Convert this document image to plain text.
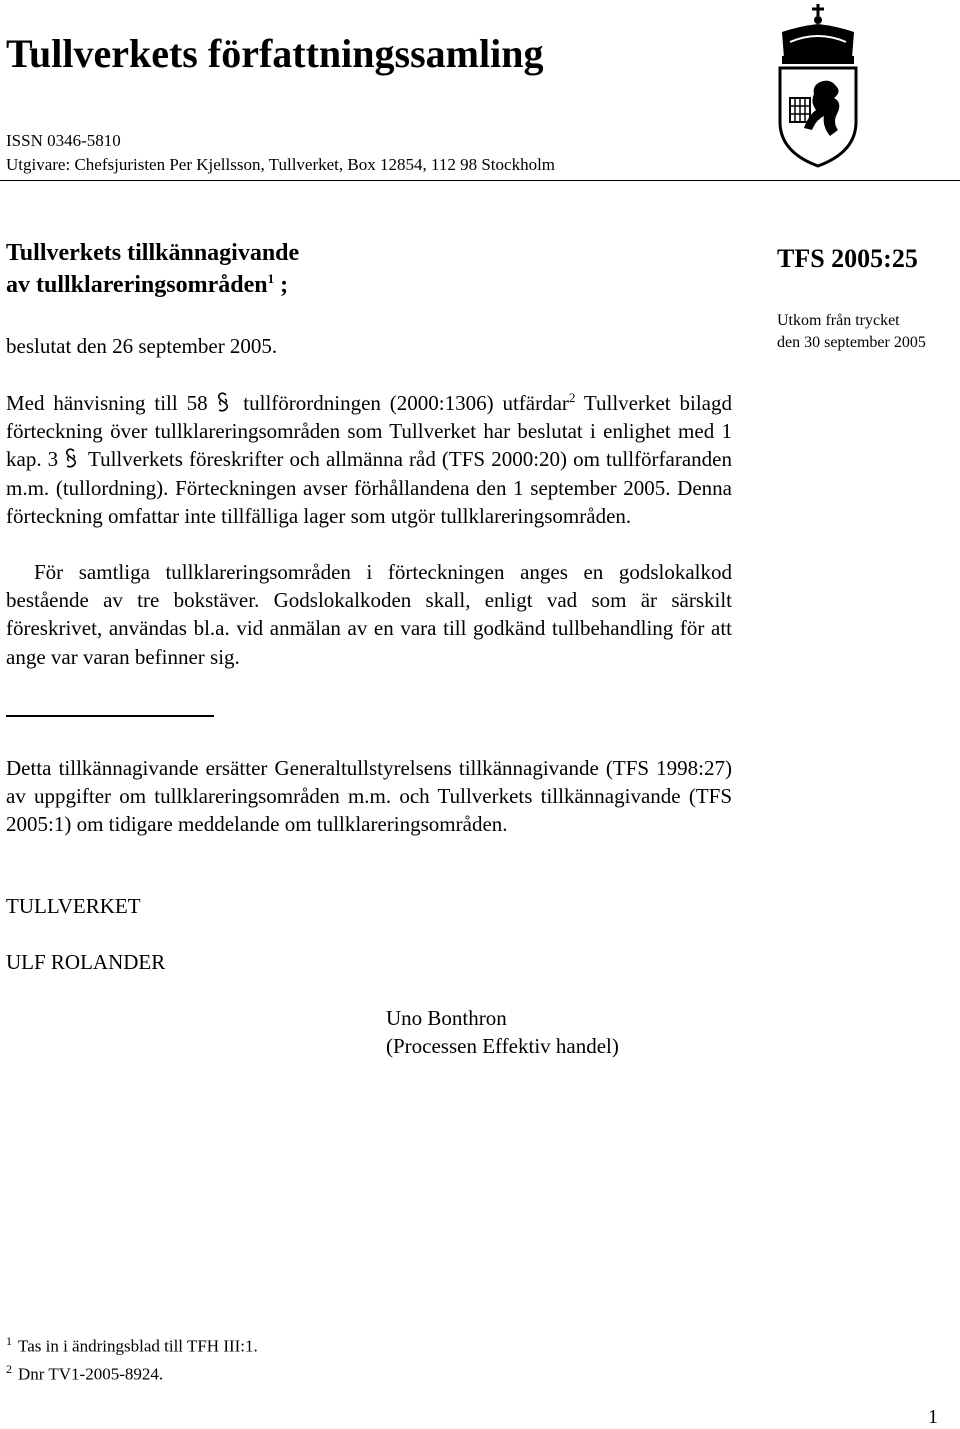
Tullverkets författningssamling
ISSN 0346-5810
Utgivare: Chefsjuristen Per Kjellsson, Tullverket, Box 12854, 112 98 Stockholm
Tullverkets tillkännagivande
av tullklareringsområden$^1$ ;
beslutat den 26 september 2005.
TFS 2005:25
Utkom från trycket
den 30 september 2005
Med hänvisning till 58  tullförordningen (2000:1306) utfärdar$^2$ Tullverket bilagd förteckning över tullklareringsområden som Tullverket har beslutat i enlighet med 1 kap. 3  Tullverkets föreskrifter och allmänna råd (TFS 2000:20) om tullförfaranden m.m. (tullordning). Förteckningen avser förhållandena den 1 september 2005. Denna förteckning omfattar inte tillfälliga lager som utgör tullklareringsområden.
För samtliga tullklareringsområden i förteckningen anges en godslokalkod bestående av tre bokstäver. Godslokalkoden skall, enligt vad som är särskilt föreskrivet, användas bl.a. vid anmälan av en vara till godkänd tullbehandling för att ange var varan befinner sig.
Detta tillkännagivande ersätter Generaltullstyrelsens tillkännagivande (TFS 1998:27) av uppgifter om tullklareringsområden m.m. och Tullverkets tillkännagivande (TFS 2005:1) om tidigare meddelande om tullklareringsområden.
TULLVERKET
ULF ROLANDER
Uno Bonthron
(Processen Effektiv handel)
$^1$ Tas in i ändringsblad till TFH III:1.
$^2$ Dnr TV1-2005-8924.
1
